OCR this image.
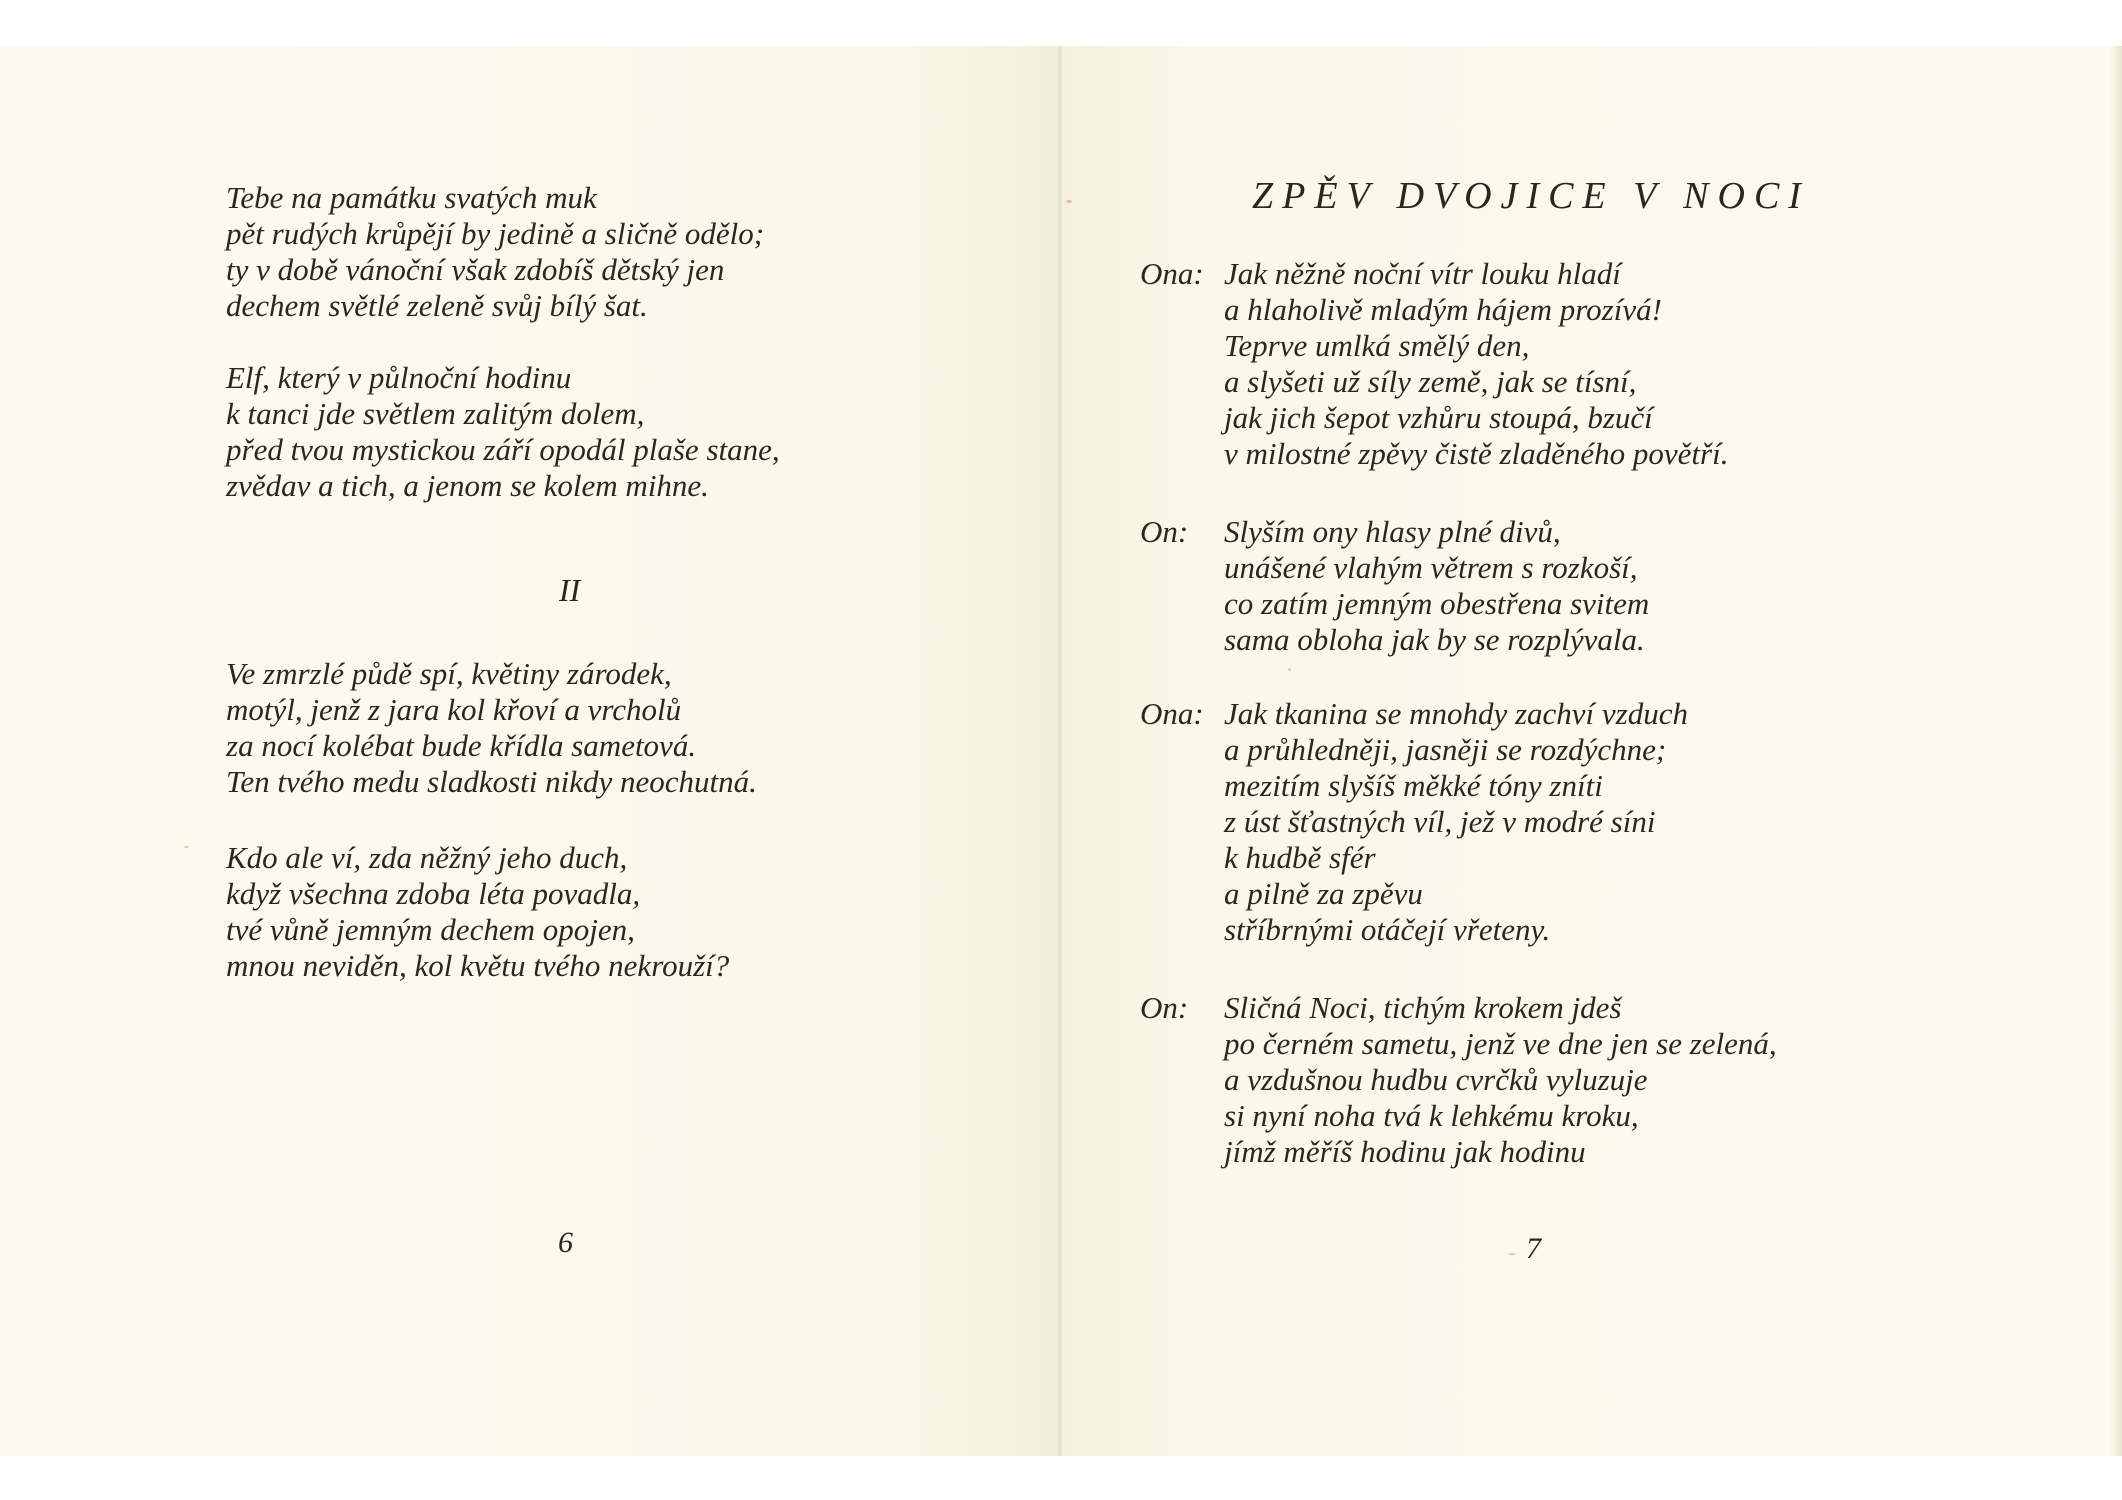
Tebe na památku svatých muk
pět rudých krůpějí by jedině a sličně odělo;
ty v době vánoční však zdobíš dětský jen
dechem světlé zeleně svůj bílý šat.
Elf, který v půlnoční hodinu
k tanci jde světlem zalitým dolem,
před tvou mystickou září opodál plaše stane,
zvědav a tich, a jenom se kolem mihne.
II
Ve zmrzlé půdě spí, květiny zárodek,
motýl, jenž z jara kol křoví a vrcholů
za nocí kolébat bude křídla sametová.
Ten tvého medu sladkosti nikdy neochutná.
Kdo ale ví, zda něžný jeho duch,
když všechna zdoba léta povadla,
tvé vůně jemným dechem opojen,
mnou neviděn, kol květu tvého nekrouží?
6
ZPĚV DVOJICE V NOCI
Ona: Jak něžně noční vítr louku hladí
a hlaholivě mladým hájem prozívá!
Teprve umlká smělý den,
a slyšeti už síly země, jak se tísní,
jak jich šepot vzhůru stoupá, bzučí
v milostné zpěvy čistě zladěného povětří.
On: Slyším ony hlasy plné divů,
unášené vlahým větrem s rozkoší,
co zatím jemným obestřena svitem
sama obloha jak by se rozplývala.
Ona: Jak tkanina se mnohdy zachví vzduch
a průhledněji, jasněji se rozdýchne;
mezitím slyšíš měkké tóny zníti
z úst šťastných víl, jež v modré síni
k hudbě sfér
a pilně za zpěvu
stříbrnými otáčejí vřeteny.
On: Sličná Noci, tichým krokem jdeš
po černém sametu, jenž ve dne jen se zelená,
a vzdušnou hudbu cvrčků vyluzuje
si nyní noha tvá k lehkému kroku,
jímž měříš hodinu jak hodinu
7
